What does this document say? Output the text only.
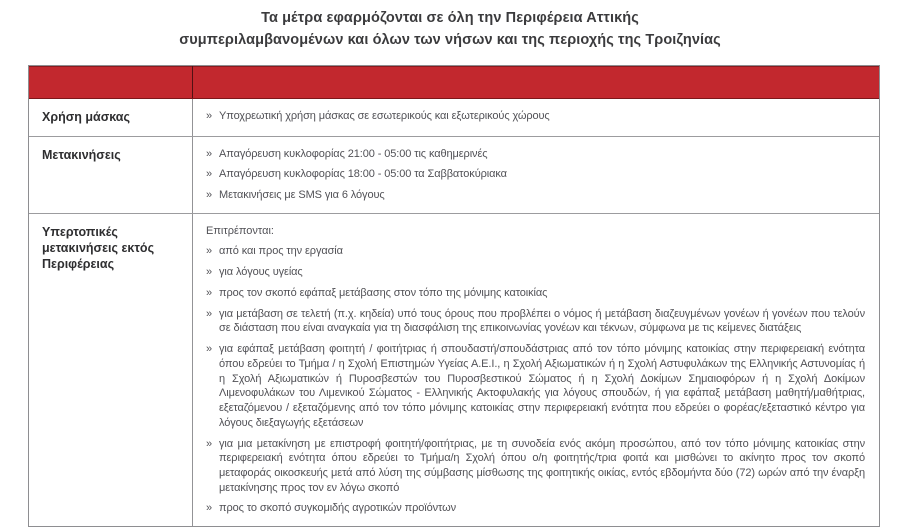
Τα μέτρα εφαρμόζονται σε όλη την Περιφέρεια Αττικής
συμπεριλαμβανομένων και όλων των νήσων και της περιοχής της Τροιζηνίας
Χρήση μάσκας	» Υποχρεωτική χρήση μάσκας σε εσωτερικούς και εξωτερικούς χώρους
Μετακινήσεις	» Απαγόρευση κυκλοφορίας 21:00 - 05:00 τις καθημερινές
» Απαγόρευση κυκλοφορίας 18:00 - 05:00 τα Σαββατοκύριακα
» Μετακινήσεις με SMS για 6 λόγους
Υπερτοπικές μετακινήσεις εκτός Περιφέρειας
Επιτρέπονται:
» από και προς την εργασία
» για λόγους υγείας
» προς τον σκοπό εφάπαξ μετάβασης στον τόπο της μόνιμης κατοικίας
» για μετάβαση σε τελετή (π.χ. κηδεία) υπό τους όρους που προβλέπει ο νόμος ή μετάβαση διαζευγμένων γονέων ή γονέων που τελούν σε διάσταση που είναι αναγκαία για τη διασφάλιση της επικοινωνίας γονέων και τέκνων, σύμφωνα με τις κείμενες διατάξεις
» για εφάπαξ μετάβαση φοιτητή / φοιτήτριας ή σπουδαστή/σπουδάστριας από τον τόπο μόνιμης κατοικίας στην περιφερειακή ενότητα όπου εδρεύει το Τμήμα / η Σχολή Επιστημών Υγείας Α.Ε.Ι., η Σχολή Αξιωματικών ή η Σχολή Αστυφυλάκων της Ελληνικής Αστυνομίας ή η Σχολή Αξιωματικών ή Πυροσβεστών του Πυροσβεστικού Σώματος ή η Σχολή Δοκίμων Σημαιοφόρων ή η Σχολή Δοκίμων Λιμενοφυλάκων του Λιμενικού Σώματος - Ελληνικής Ακτοφυλακής για λόγους σπουδών, ή για εφάπαξ μετάβαση μαθητή/μαθήτριας, εξεταζόμενου / εξεταζόμενης από τον τόπο μόνιμης κατοικίας στην περιφερειακή ενότητα που εδρεύει ο φορέας/εξεταστικό κέντρο για λόγους διεξαγωγής εξετάσεων
» για μια μετακίνηση με επιστροφή φοιτητή/φοιτήτριας, με τη συνοδεία ενός ακόμη προσώπου, από τον τόπο μόνιμης κατοικίας στην περιφερειακή ενότητα όπου εδρεύει το Τμήμα/η Σχολή όπου ο/η φοιτητής/τρια φοιτά και μισθώνει το ακίνητο προς τον σκοπό μεταφοράς οικοσκευής μετά από λύση της σύμβασης μίσθωσης της φοιτητικής οικίας, εντός εβδομήντα δύο (72) ωρών από την έναρξη μετακίνησης προς τον εν λόγω σκοπό
» προς το σκοπό συγκομιδής αγροτικών προϊόντων
